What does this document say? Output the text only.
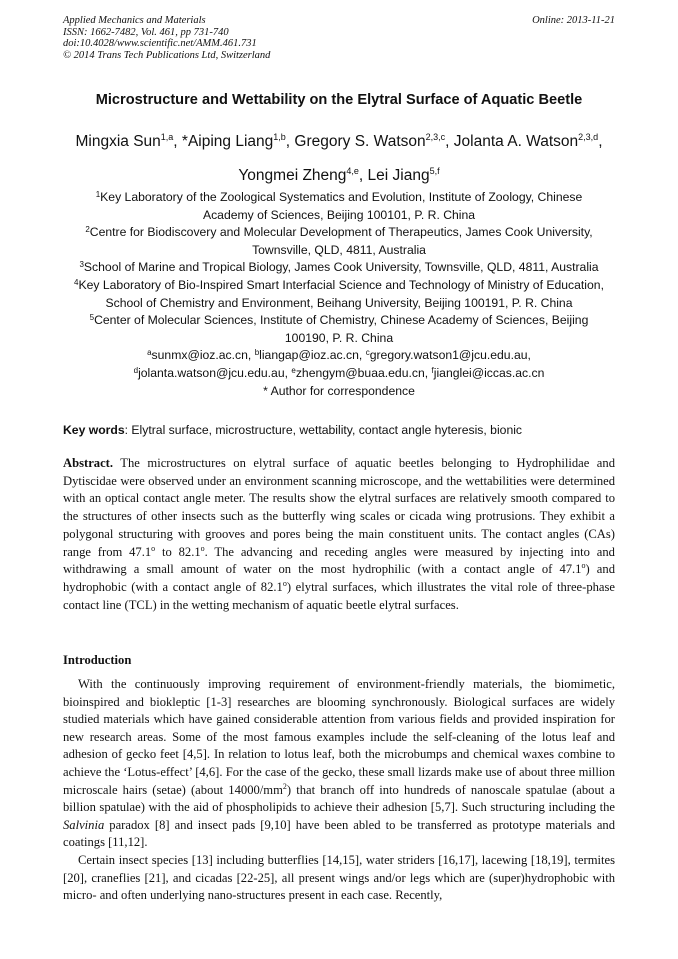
Applied Mechanics and Materials
ISSN: 1662-7482, Vol. 461, pp 731-740
doi:10.4028/www.scientific.net/AMM.461.731
© 2014 Trans Tech Publications Ltd, Switzerland
Online: 2013-11-21
Microstructure and Wettability on the Elytral Surface of Aquatic Beetle
Mingxia Sun$^{1,a}$, *Aiping Liang$^{1,b}$, Gregory S. Watson$^{2,3,c}$, Jolanta A. Watson$^{2,3,d}$,
Yongmei Zheng$^{4,e}$, Lei Jiang$^{5,f}$
$^1$Key Laboratory of the Zoological Systematics and Evolution, Institute of Zoology, Chinese
Academy of Sciences, Beijing 100101, P. R. China
$^2$Centre for Biodiscovery and Molecular Development of Therapeutics, James Cook University,
Townsville, QLD, 4811, Australia
$^3$School of Marine and Tropical Biology, James Cook University, Townsville, QLD, 4811, Australia
$^4$Key Laboratory of Bio-Inspired Smart Interfacial Science and Technology of Ministry of Education,
School of Chemistry and Environment, Beihang University, Beijing 100191, P. R. China
$^5$Center of Molecular Sciences, Institute of Chemistry, Chinese Academy of Sciences, Beijing
100190, P. R. China
$^a$sunmx@ioz.ac.cn, $^b$liangap@ioz.ac.cn, $^c$gregory.watson1@jcu.edu.au,
$^d$jolanta.watson@jcu.edu.au, $^e$zhengym@buaa.edu.cn, $^f$jianglei@iccas.ac.cn
* Author for correspondence
Key words: Elytral surface, microstructure, wettability, contact angle hyteresis, bionic
Abstract. The microstructures on elytral surface of aquatic beetles belonging to Hydrophilidae and Dytiscidae were observed under an environment scanning microscope, and the wettabilities were determined with an optical contact angle meter. The results show the elytral surfaces are relatively smooth compared to the structures of other insects such as the butterfly wing scales or cicada wing protrusions. They exhibit a polygonal structuring with grooves and pores being the main constituent units. The contact angles (CAs) range from 47.1$^o$ to 82.1$^o$. The advancing and receding angles were measured by injecting into and withdrawing a small amount of water on the most hydrophilic (with a contact angle of 47.1$^o$) and hydrophobic (with a contact angle of 82.1$^o$) elytral surfaces, which illustrates the vital role of three-phase contact line (TCL) in the wetting mechanism of aquatic beetle elytral surfaces.
Introduction

With the continuously improving requirement of environment-friendly materials, the biomimetic, bioinspired and biokleptic [1-3] researches are blooming synchronously. Biological surfaces are widely studied materials which have gained considerable attention from various fields and provided inspiration for new research areas. Some of the most famous examples include the self-cleaning of the lotus leaf and adhesion of gecko feet [4,5]. In relation to lotus leaf, both the microbumps and chemical waxes combine to achieve the ‘Lotus-effect’ [4,6]. For the case of the gecko, these small lizards make use of about three million microscale hairs (setae) (about $14000/mm^2$) that branch off into hundreds of nanoscale spatulae (about a billion spatulae) with the aid of phospholipids to achieve their adhesion [5,7]. Such structuring including the Salvinia paradox [8] and insect pads [9,10] have been abled to be transferred as prototype materials and coatings [11,12].

Certain insect species [13] including butterflies [14,15], water striders [16,17], lacewing [18,19], termites [20], craneflies [21], and cicadas [22-25], all present wings and/or legs which are (super)hydrophobic with micro- and often underlying nano-structures present in each case. Recently,
